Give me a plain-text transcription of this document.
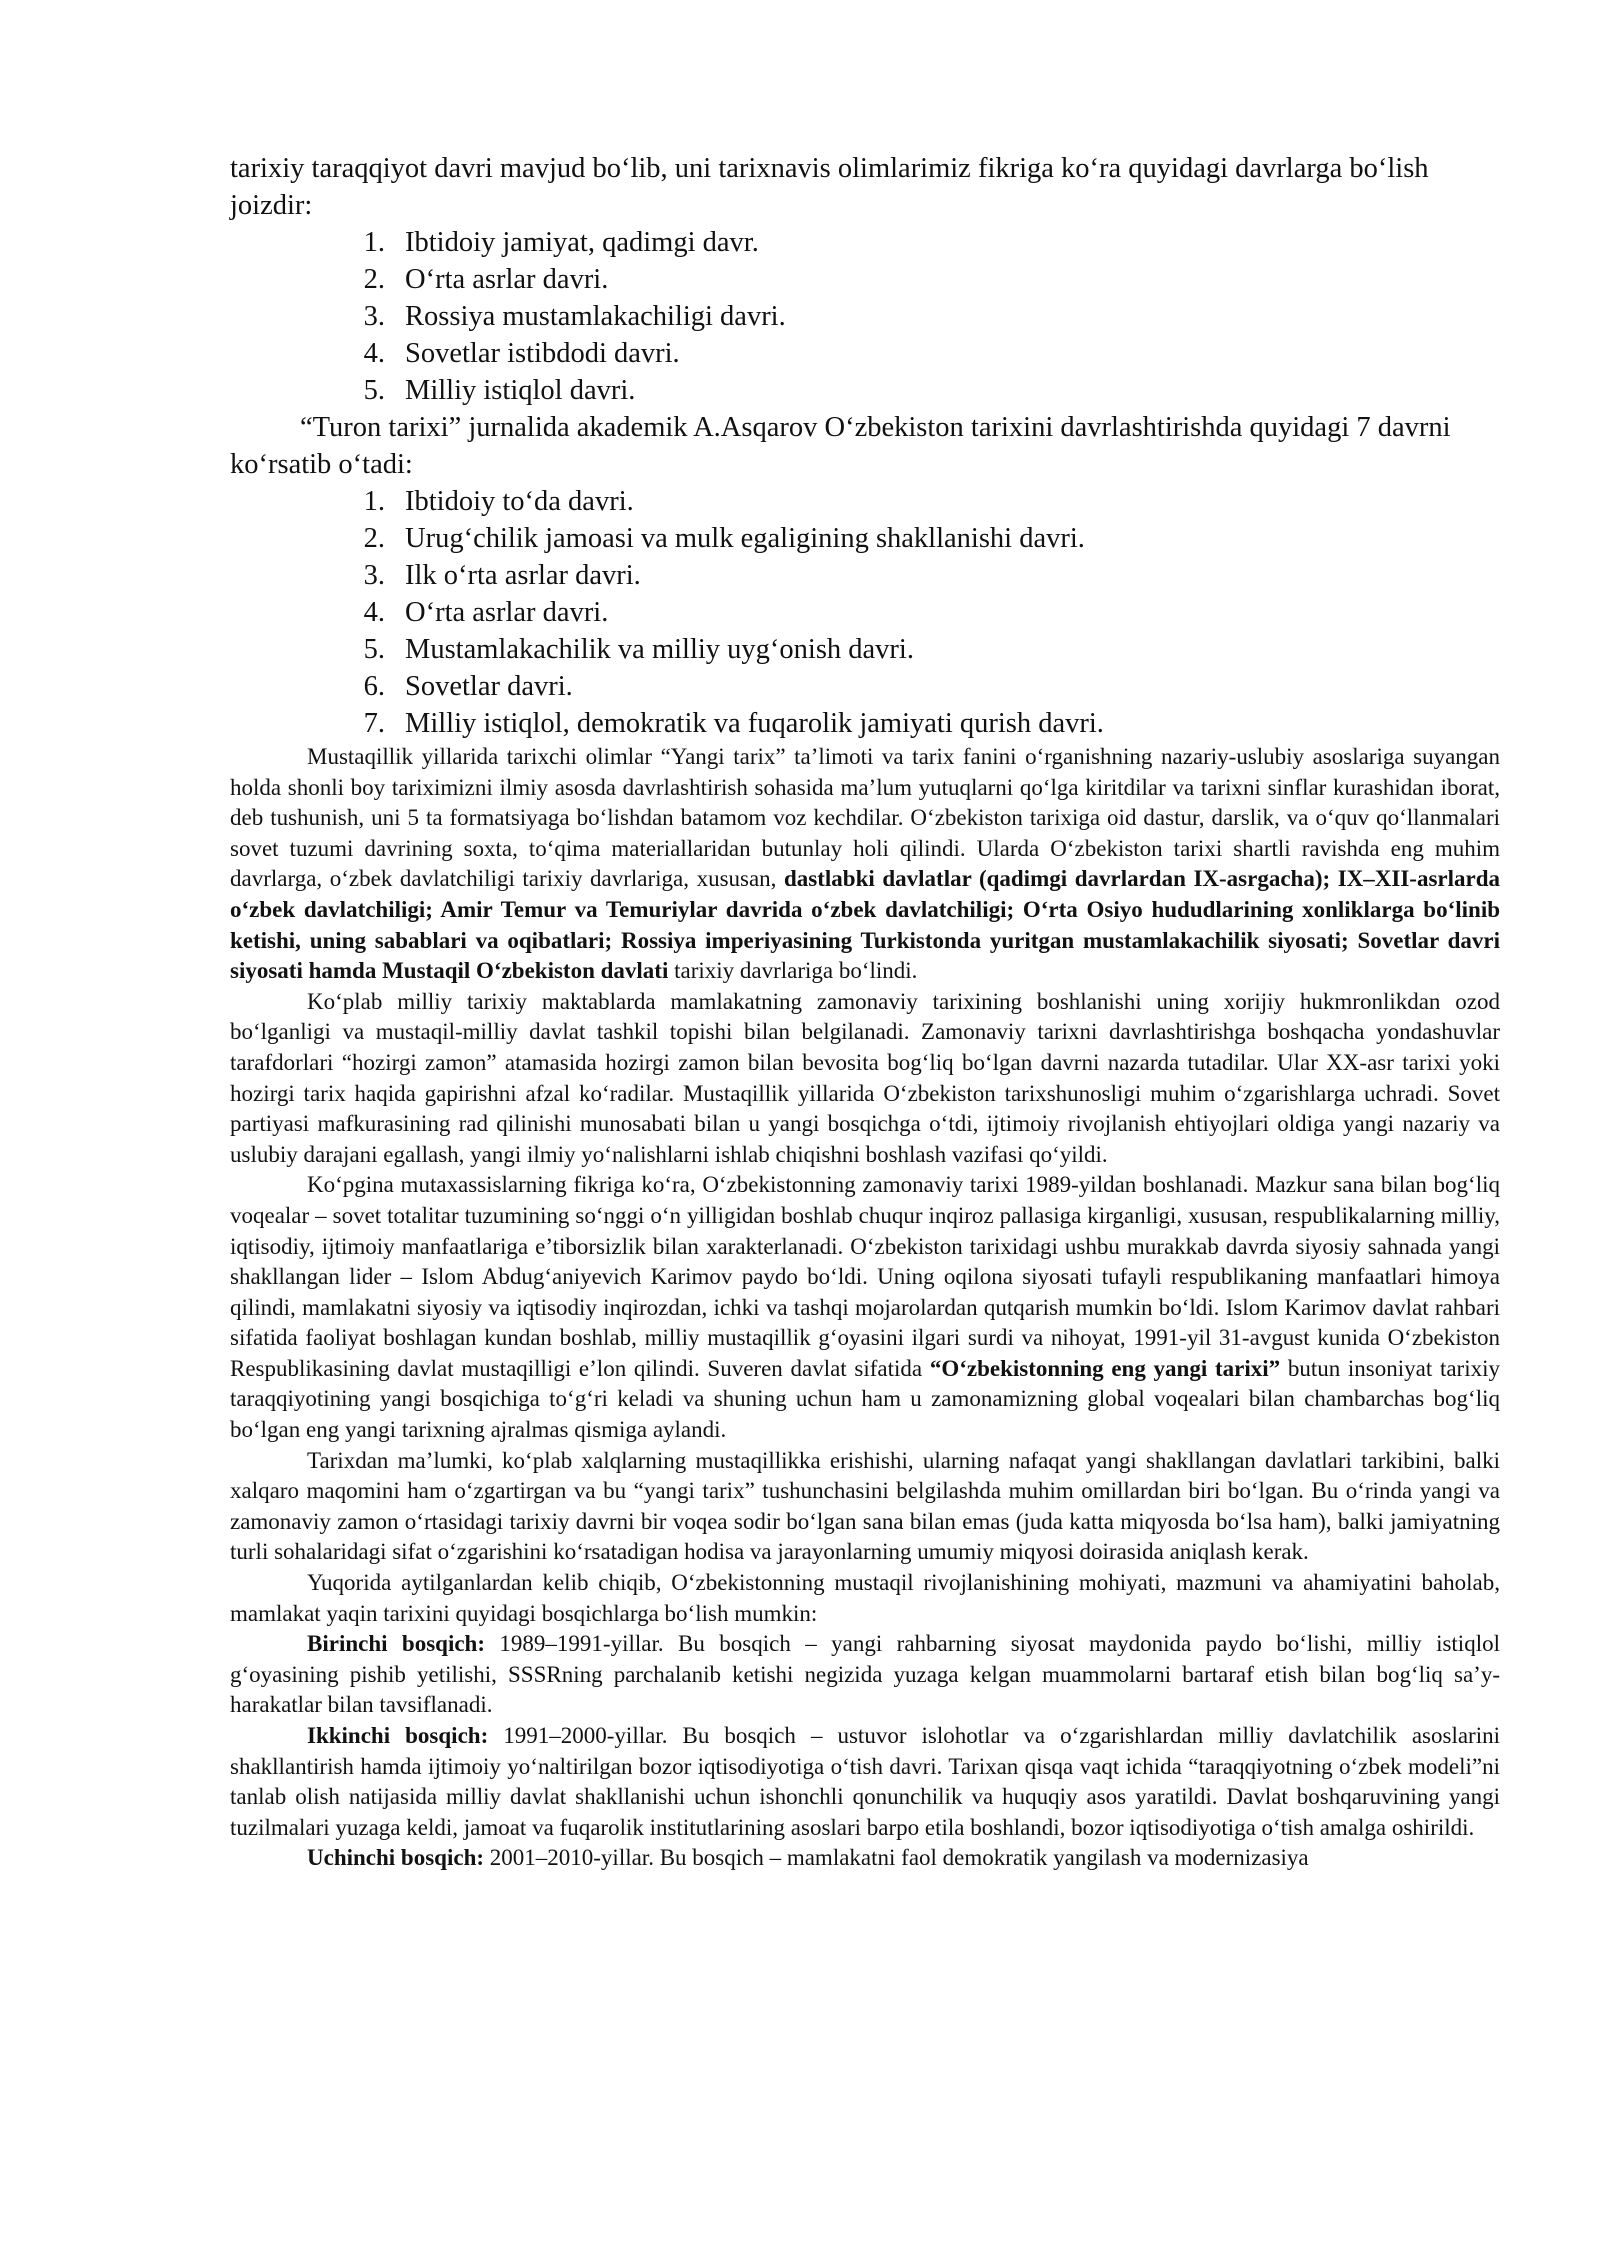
tarixiy taraqqiyot davri mavjud bo‘lib, uni tarixnavis olimlarimiz fikriga ko‘ra quyidagi davrlarga bo‘lish joizdir:

1. Ibtidoiy jamiyat, qadimgi davr.
2. O‘rta asrlar davri.
3. Rossiya mustamlakachiligi davri.
4. Sovetlar istibdodi davri.
5. Milliy istiqlol davri.

“Turon tarixi” jurnalida akademik A.Asqarov O‘zbekiston tarixini davrlashtirishda quyidagi 7 davrni ko‘rsatib o‘tadi:

1. Ibtidoiy to‘da davri.
2. Urug‘chilik jamoasi va mulk egaligining shakllanishi davri.
3. Ilk o‘rta asrlar davri.
4. O‘rta asrlar davri.
5. Mustamlakachilik va milliy uyg‘onish davri.
6. Sovetlar davri.
7. Milliy istiqlol, demokratik va fuqarolik jamiyati qurish davri.

Mustaqillik yillarida tarixchi olimlar “Yangi tarix” ta’limoti va tarix fanini o‘rganishning nazariy-uslubiy asoslariga suyangan holda shonli boy tariximizni ilmiy asosda davrlashtirish sohasida ma’lum yutuqlarni qo‘lga kiritdilar va tarixni sinflar kurashidan iborat, deb tushunish, uni 5 ta formatsiyaga bo‘lishdan batamom voz kechdilar. O‘zbekiston tarixiga oid dastur, darslik, va o‘quv qo‘llanmalari sovet tuzumi davrining soxta, to‘qima materiallaridan butunlay holi qilindi. Ularda O‘zbekiston tarixi shartli ravishda eng muhim davrlarga, o‘zbek davlatchiligi tarixiy davrlariga, xususan, dastlabki davlatlar (qadimgi davrlardan IX-asrgacha); IX–XII-asrlarda o‘zbek davlatchiligi; Amir Temur va Temuriylar davrida o‘zbek davlatchiligi; O‘rta Osiyo hududlarining xonliklarga bo‘linib ketishi, uning sabablari va oqibatlari; Rossiya imperiyasining Turkistonda yuritgan mustamlakachilik siyosati; Sovetlar davri siyosati hamda Mustaqil O‘zbekiston davlati tarixiy davrlariga bo‘lindi.

Ko‘plab milliy tarixiy maktablarda mamlakatning zamonaviy tarixining boshlanishi uning xorijiy hukmronlikdan ozod bo‘lganligi va mustaqil-milliy davlat tashkil topishi bilan belgilanadi. Zamonaviy tarixni davrlashtirishga boshqacha yondashuvlar tarafdorlari “hozirgi zamon” atamasida hozirgi zamon bilan bevosita bog‘liq bo‘lgan davrni nazarda tutadilar. Ular XX-asr tarixi yoki hozirgi tarix haqida gapirishni afzal ko‘radilar. Mustaqillik yillarida O‘zbekiston tarixshunosligi muhim o‘zgarishlarga uchradi. Sovet partiyasi mafkurasining rad qilinishi munosabati bilan u yangi bosqichga o‘tdi, ijtimoiy rivojlanish ehtiyojlari oldiga yangi nazariy va uslubiy darajani egallash, yangi ilmiy yo‘nalishlarni ishlab chiqishni boshlash vazifasi qo‘yildi.

Ko‘pgina mutaxassislarning fikriga ko‘ra, O‘zbekistonning zamonaviy tarixi 1989-yildan boshlanadi. Mazkur sana bilan bog‘liq voqealar – sovet totalitar tuzumining so‘nggi o‘n yilligidan boshlab chuqur inqiroz pallasiga kirganligi, xususan, respublikalarning milliy, iqtisodiy, ijtimoiy manfaatlariga e’tiborsizlik bilan xarakterlanadi. O‘zbekiston tarixidagi ushbu murakkab davrda siyosiy sahnada yangi shakllangan lider – Islom Abdug‘aniyevich Karimov paydo bo‘ldi. Uning oqilona siyosati tufayli respublikaning manfaatlari himoya qilindi, mamlakatni siyosiy va iqtisodiy inqirozdan, ichki va tashqi mojarolardan qutqarish mumkin bo‘ldi. Islom Karimov davlat rahbari sifatida faoliyat boshlagan kundan boshlab, milliy mustaqillik g‘oyasini ilgari surdi va nihoyat, 1991-yil 31-avgust kunida O‘zbekiston Respublikasining davlat mustaqilligi e’lon qilindi. Suveren davlat sifatida “O‘zbekistonning eng yangi tarixi” butun insoniyat tarixiy taraqqiyotining yangi bosqichiga to‘g‘ri keladi va shuning uchun ham u zamonamizning global voqealari bilan chambarchas bog‘liq bo‘lgan eng yangi tarixning ajralmas qismiga aylandi.

Tarixdan ma’lumki, ko‘plab xalqlarning mustaqillikka erishishi, ularning nafaqat yangi shakllangan davlatlari tarkibini, balki xalqaro maqomini ham o‘zgartirgan va bu “yangi tarix” tushunchasini belgilashda muhim omillardan biri bo‘lgan. Bu o‘rinda yangi va zamonaviy zamon o‘rtasidagi tarixiy davrni bir voqea sodir bo‘lgan sana bilan emas (juda katta miqyosda bo‘lsa ham), balki jamiyatning turli sohalaridagi sifat o‘zgarishini ko‘rsatadigan hodisa va jarayonlarning umumiy miqyosi doirasida aniqlash kerak.

Yuqorida aytilganlardan kelib chiqib, O‘zbekistonning mustaqil rivojlanishining mohiyati, mazmuni va ahamiyatini baholab, mamlakat yaqin tarixini quyidagi bosqichlarga bo‘lish mumkin:

Birinchi bosqich: 1989–1991-yillar. Bu bosqich – yangi rahbarning siyosat maydonida paydo bo‘lishi, milliy istiqlol g‘oyasining pishib yetilishi, SSSRning parchalanib ketishi negizida yuzaga kelgan muammolarni bartaraf etish bilan bog‘liq sa’y-harakatlar bilan tavsiflanadi.

Ikkinchi bosqich: 1991–2000-yillar. Bu bosqich – ustuvor islohotlar va o‘zgarishlardan milliy davlatchilik asoslarini shakllantirish hamda ijtimoiy yo‘naltirilgan bozor iqtisodiyotiga o‘tish davri. Tarixan qisqa vaqt ichida “taraqqiyotning o‘zbek modeli”ni tanlab olish natijasida milliy davlat shakllanishi uchun ishonchli qonunchilik va huquqiy asos yaratildi. Davlat boshqaruvining yangi tuzilmalari yuzaga keldi, jamoat va fuqarolik institutlarining asoslari barpo etila boshlandi, bozor iqtisodiyotiga o‘tish amalga oshirildi.

Uchinchi bosqich: 2001–2010-yillar. Bu bosqich – mamlakatni faol demokratik yangilash va modernizasiya
